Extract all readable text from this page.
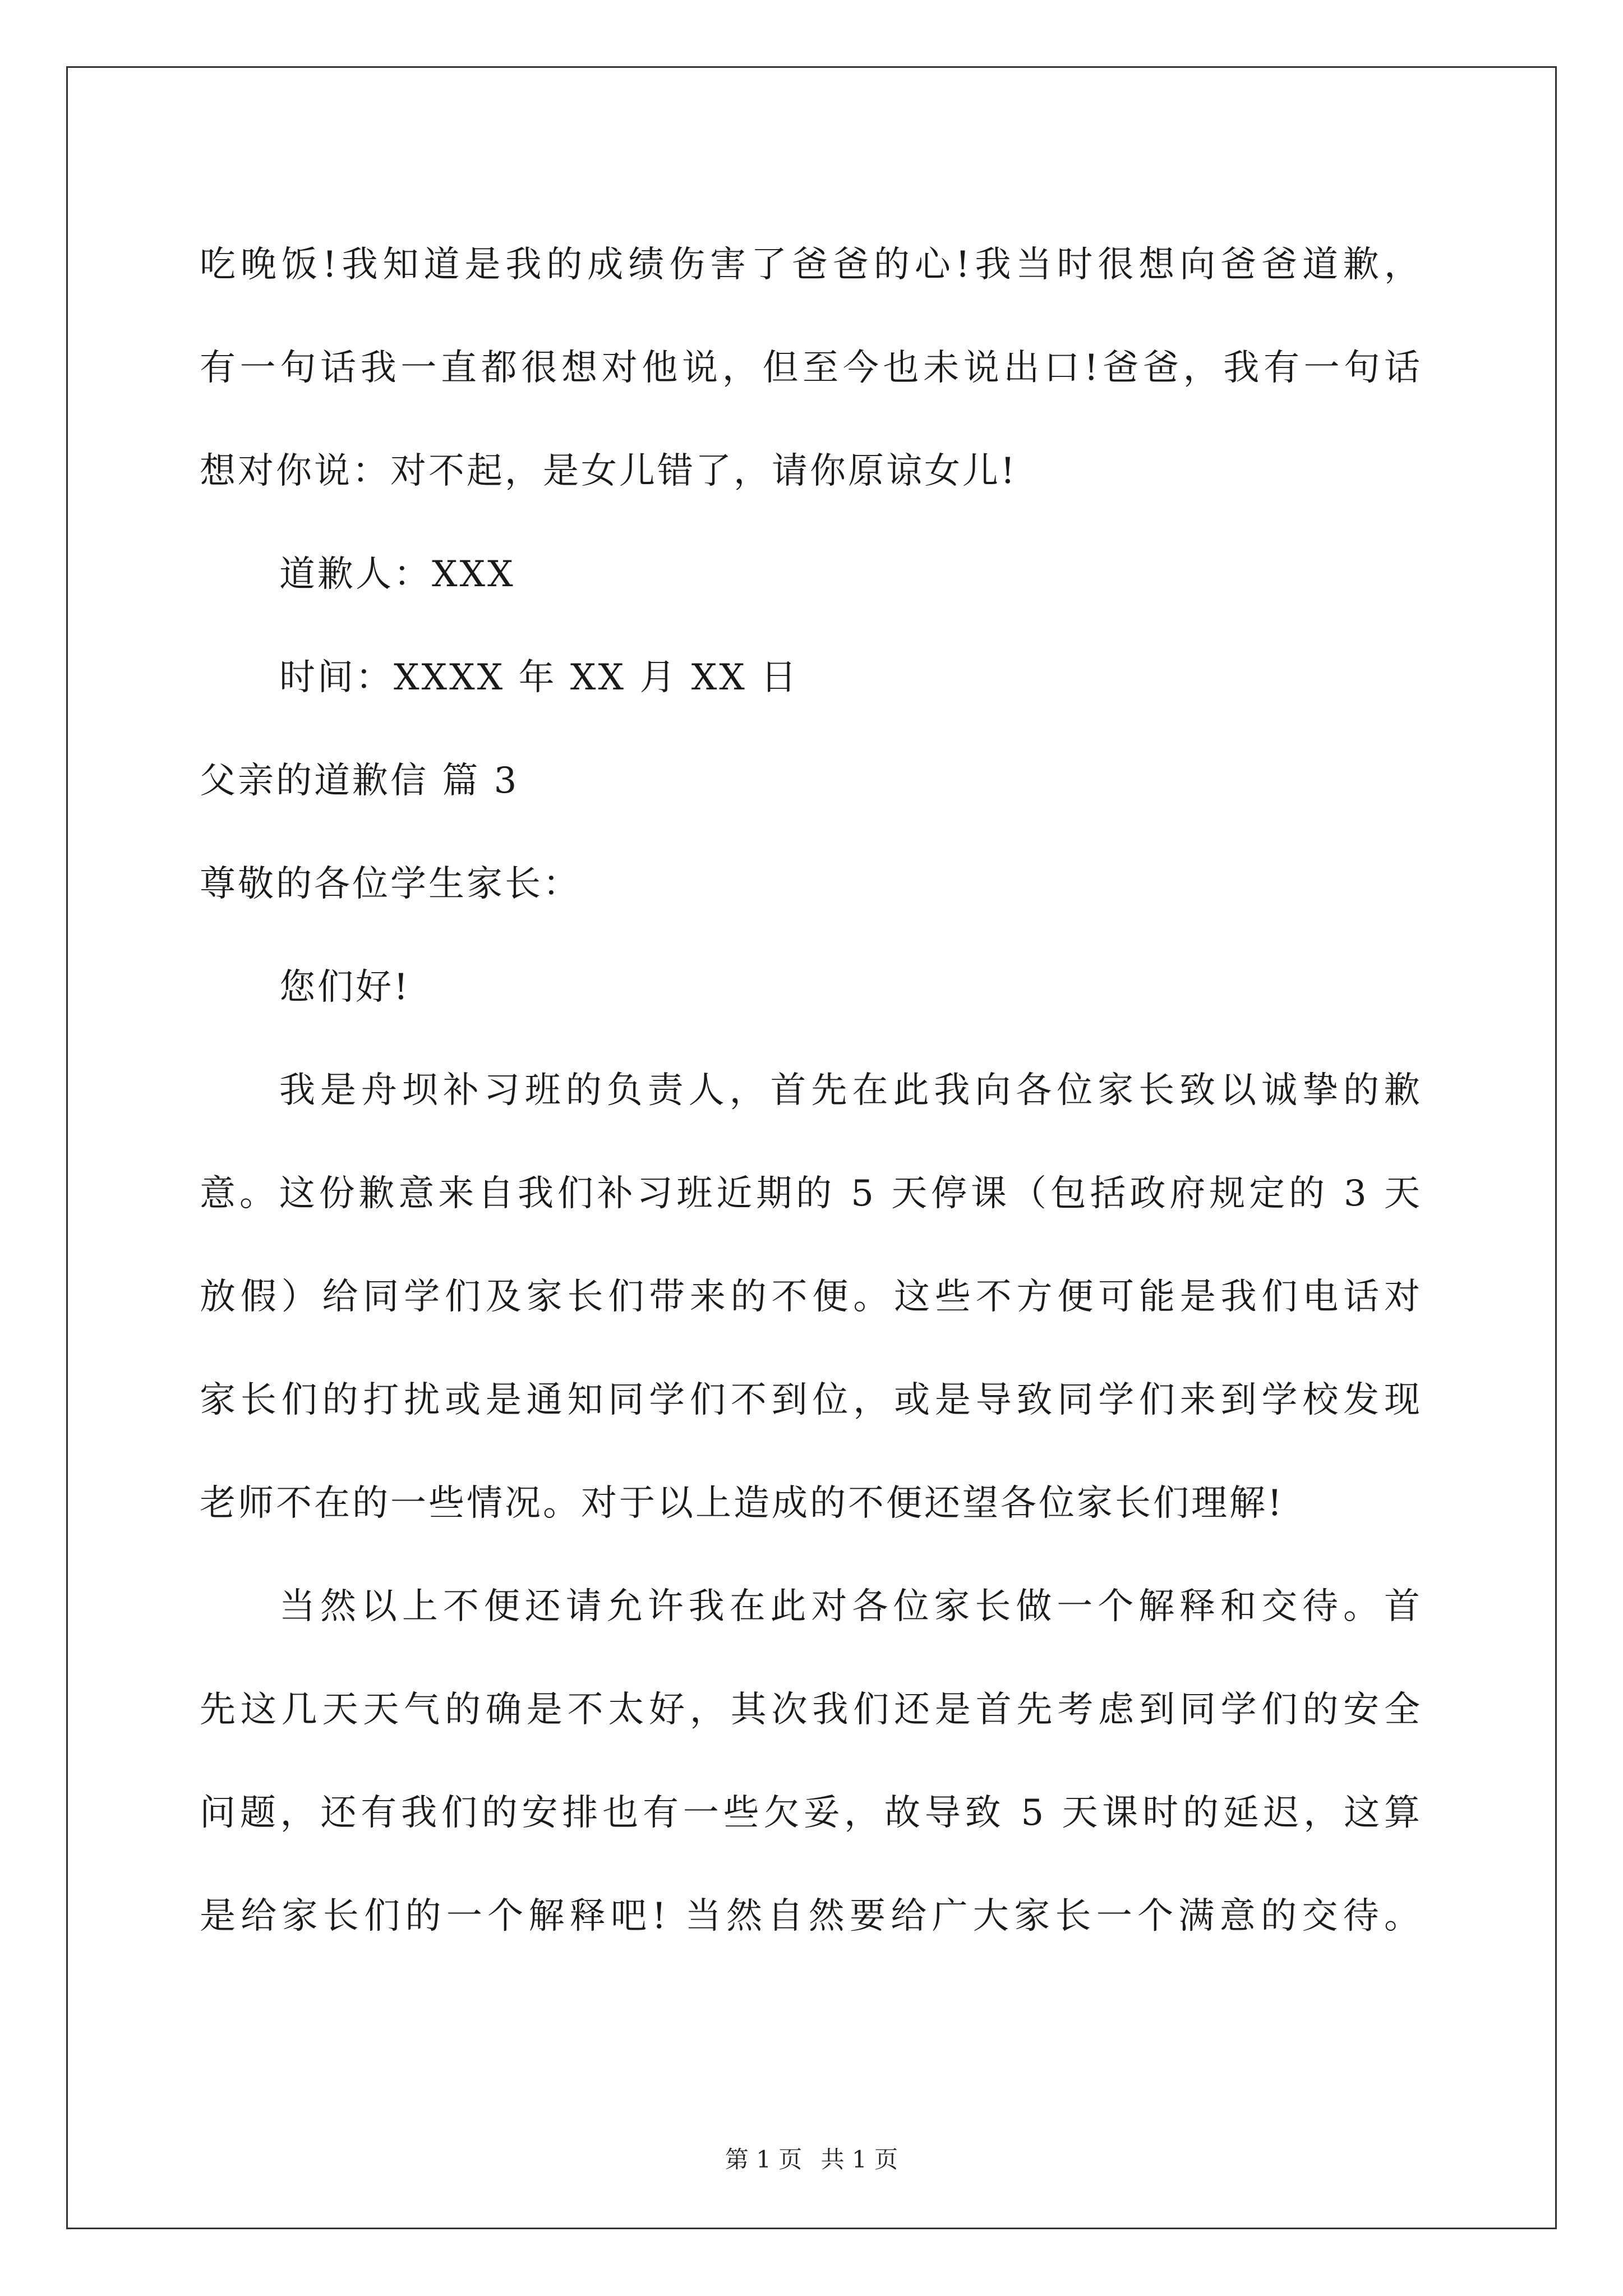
吃晚饭!我知道是我的成绩伤害了爸爸的心!我当时很想向爸爸道歉，
有一句话我一直都很想对他说，但至今也未说出口!爸爸，我有一句话
想对你说：对不起，是女儿错了，请你原谅女儿!
道歉人：XXX
时间：XXXX 年 XX 月 XX 日
父亲的道歉信 篇 3
尊敬的各位学生家长：
您们好!
我是舟坝补习班的负责人，首先在此我向各位家长致以诚挚的歉
意。这份歉意来自我们补习班近期的 5 天停课（包括政府规定的 3 天
放假）给同学们及家长们带来的不便。这些不方便可能是我们电话对
家长们的打扰或是通知同学们不到位，或是导致同学们来到学校发现
老师不在的一些情况。对于以上造成的不便还望各位家长们理解!
当然以上不便还请允许我在此对各位家长做一个解释和交待。首
先这几天天气的确是不太好，其次我们还是首先考虑到同学们的安全
问题，还有我们的安排也有一些欠妥，故导致 5 天课时的延迟，这算
是给家长们的一个解释吧! 当然自然要给广大家长一个满意的交待。
第 1 页 共 1 页
